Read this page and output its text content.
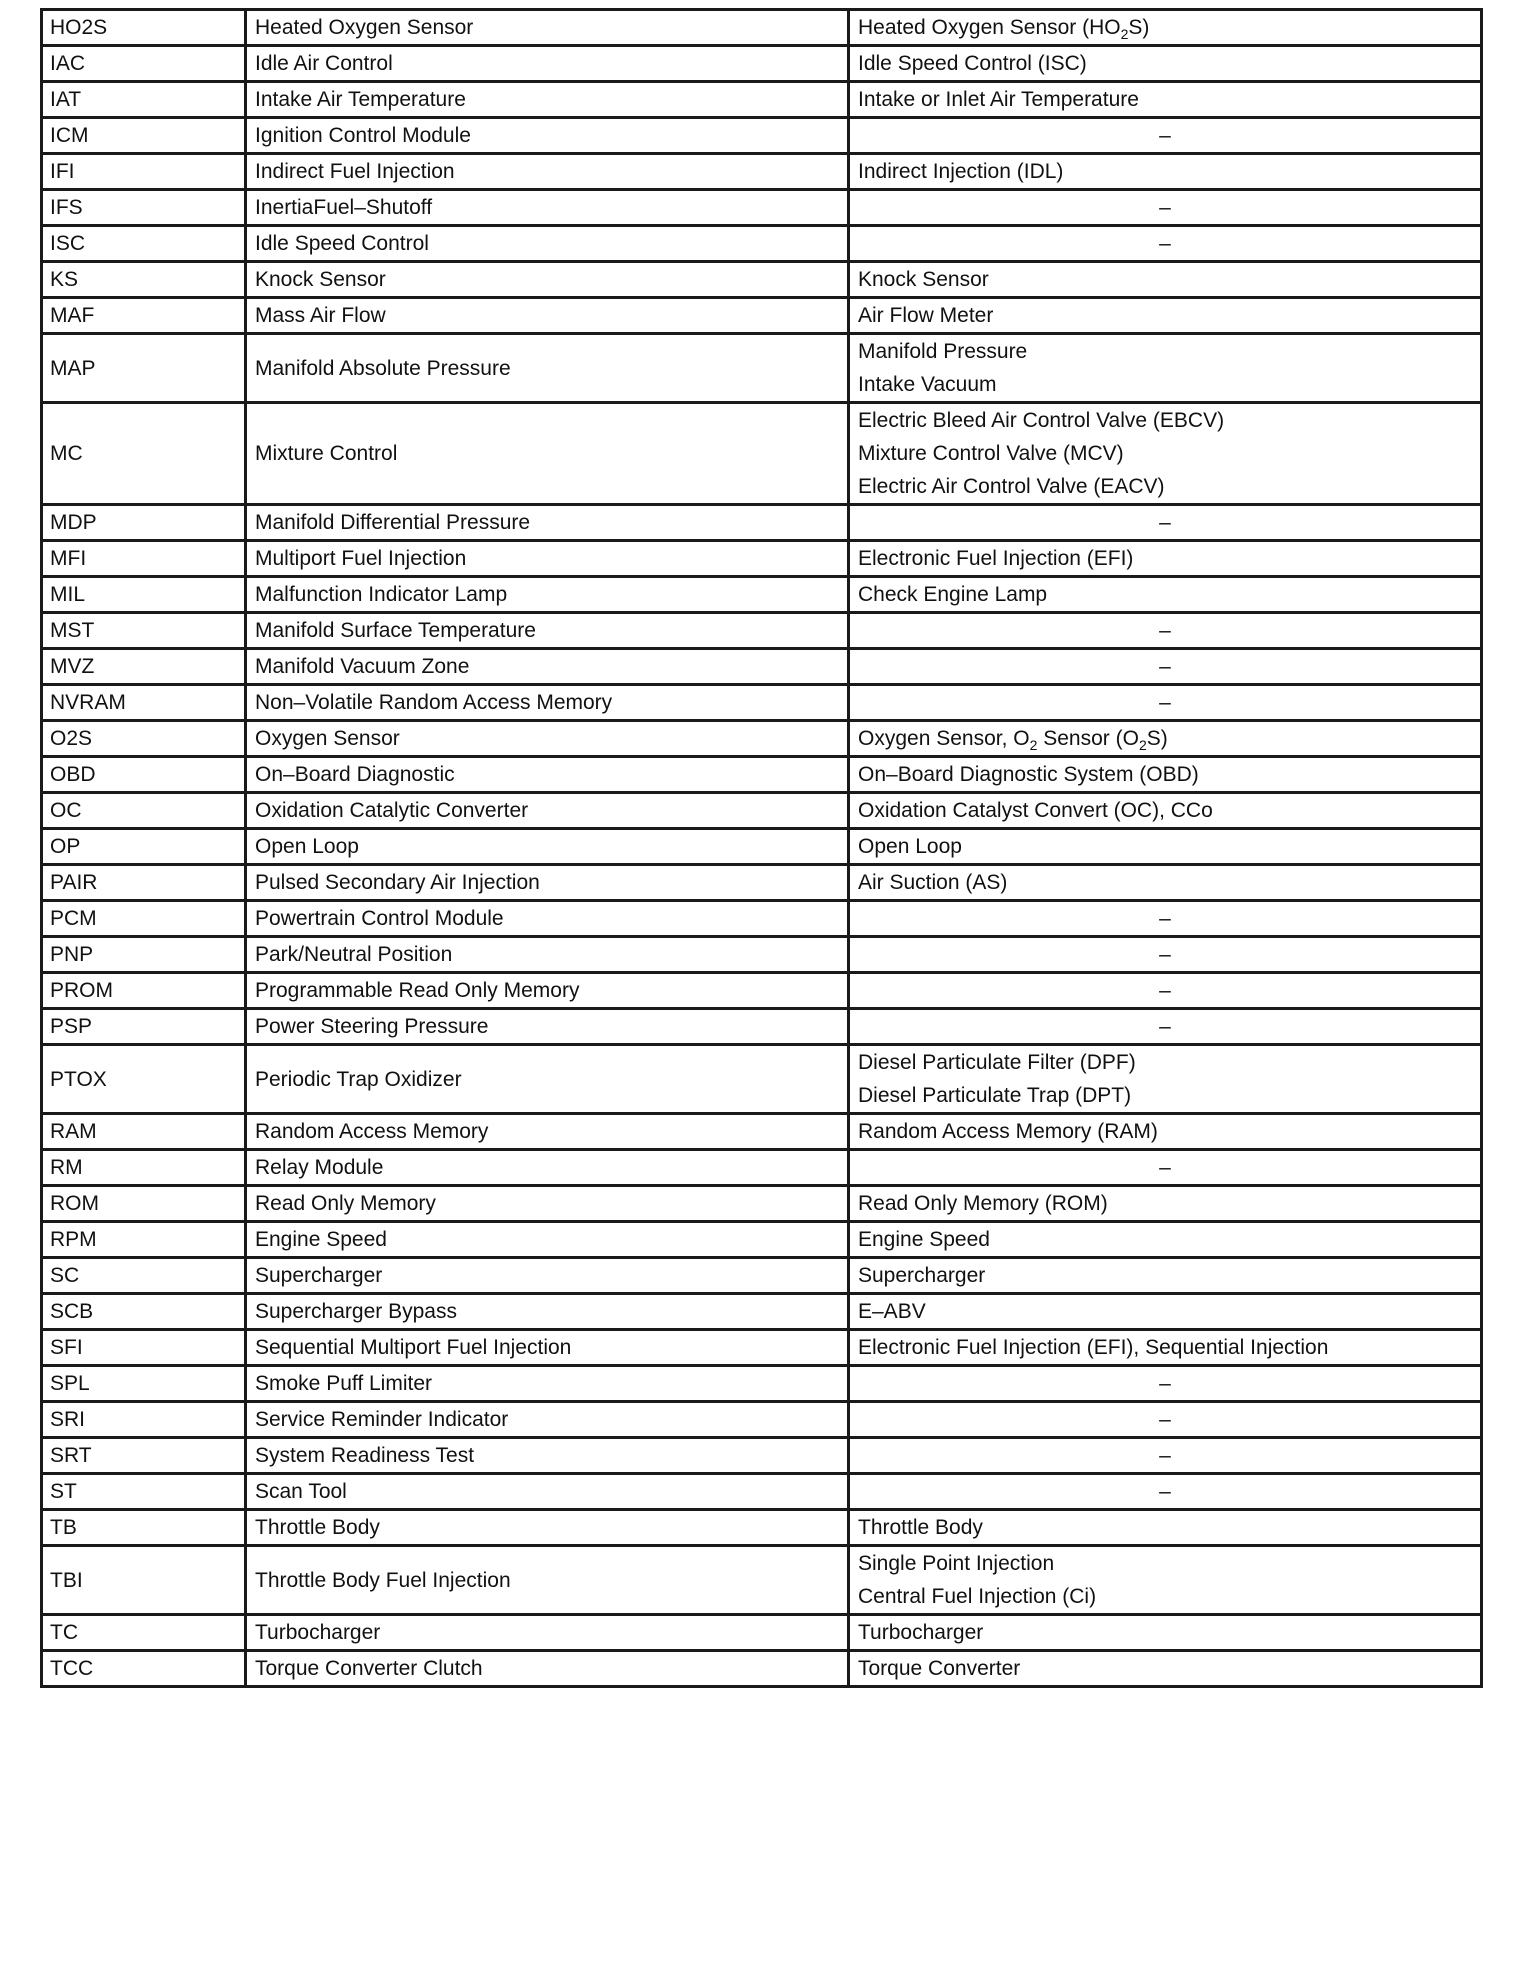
HO2S	Heated Oxygen Sensor	Heated Oxygen Sensor $(HO_2S)$

IAC	Idle Air Control	Idle Speed Control (ISC)

IAT	Intake Air Temperature	Intake or Inlet Air Temperature

ICM	Ignition Control Module	–

IFI	Indirect Fuel Injection	Indirect Injection (IDL)

IFS	InertiaFuel–Shutoff	–

ISC	Idle Speed Control	–

KS	Knock Sensor	Knock Sensor

MAF	Mass Air Flow	Air Flow Meter

MAP	Manifold Absolute Pressure	Manifold Pressure
Intake Vacuum

MC	Mixture Control	Electric Bleed Air Control Valve (EBCV)
Mixture Control Valve (MCV)
Electric Air Control Valve (EACV)

MDP	Manifold Differential Pressure	–

MFI	Multiport Fuel Injection	Electronic Fuel Injection (EFI)

MIL	Malfunction Indicator Lamp	Check Engine Lamp

MST	Manifold Surface Temperature	–

MVZ	Manifold Vacuum Zone	–

NVRAM	Non–Volatile Random Access Memory	–

O2S	Oxygen Sensor	Oxygen Sensor, $O_2$ Sensor $(O_2S)$

OBD	On–Board Diagnostic	On–Board Diagnostic System (OBD)

OC	Oxidation Catalytic Converter	Oxidation Catalyst Convert (OC), CCo

OP	Open Loop	Open Loop

PAIR	Pulsed Secondary Air Injection	Air Suction (AS)

PCM	Powertrain Control Module	–

PNP	Park/Neutral Position	–

PROM	Programmable Read Only Memory	–

PSP	Power Steering Pressure	–

PTOX	Periodic Trap Oxidizer	Diesel Particulate Filter (DPF)
Diesel Particulate Trap (DPT)

RAM	Random Access Memory	Random Access Memory (RAM)

RM	Relay Module	–

ROM	Read Only Memory	Read Only Memory (ROM)

RPM	Engine Speed	Engine Speed

SC	Supercharger	Supercharger

SCB	Supercharger Bypass	E–ABV

SFI	Sequential Multiport Fuel Injection	Electronic Fuel Injection (EFI), Sequential Injection

SPL	Smoke Puff Limiter	–

SRI	Service Reminder Indicator	–

SRT	System Readiness Test	–

ST	Scan Tool	–

TB	Throttle Body	Throttle Body

TBI	Throttle Body Fuel Injection	Single Point Injection
Central Fuel Injection (Ci)

TC	Turbocharger	Turbocharger

TCC	Torque Converter Clutch	Torque Converter
